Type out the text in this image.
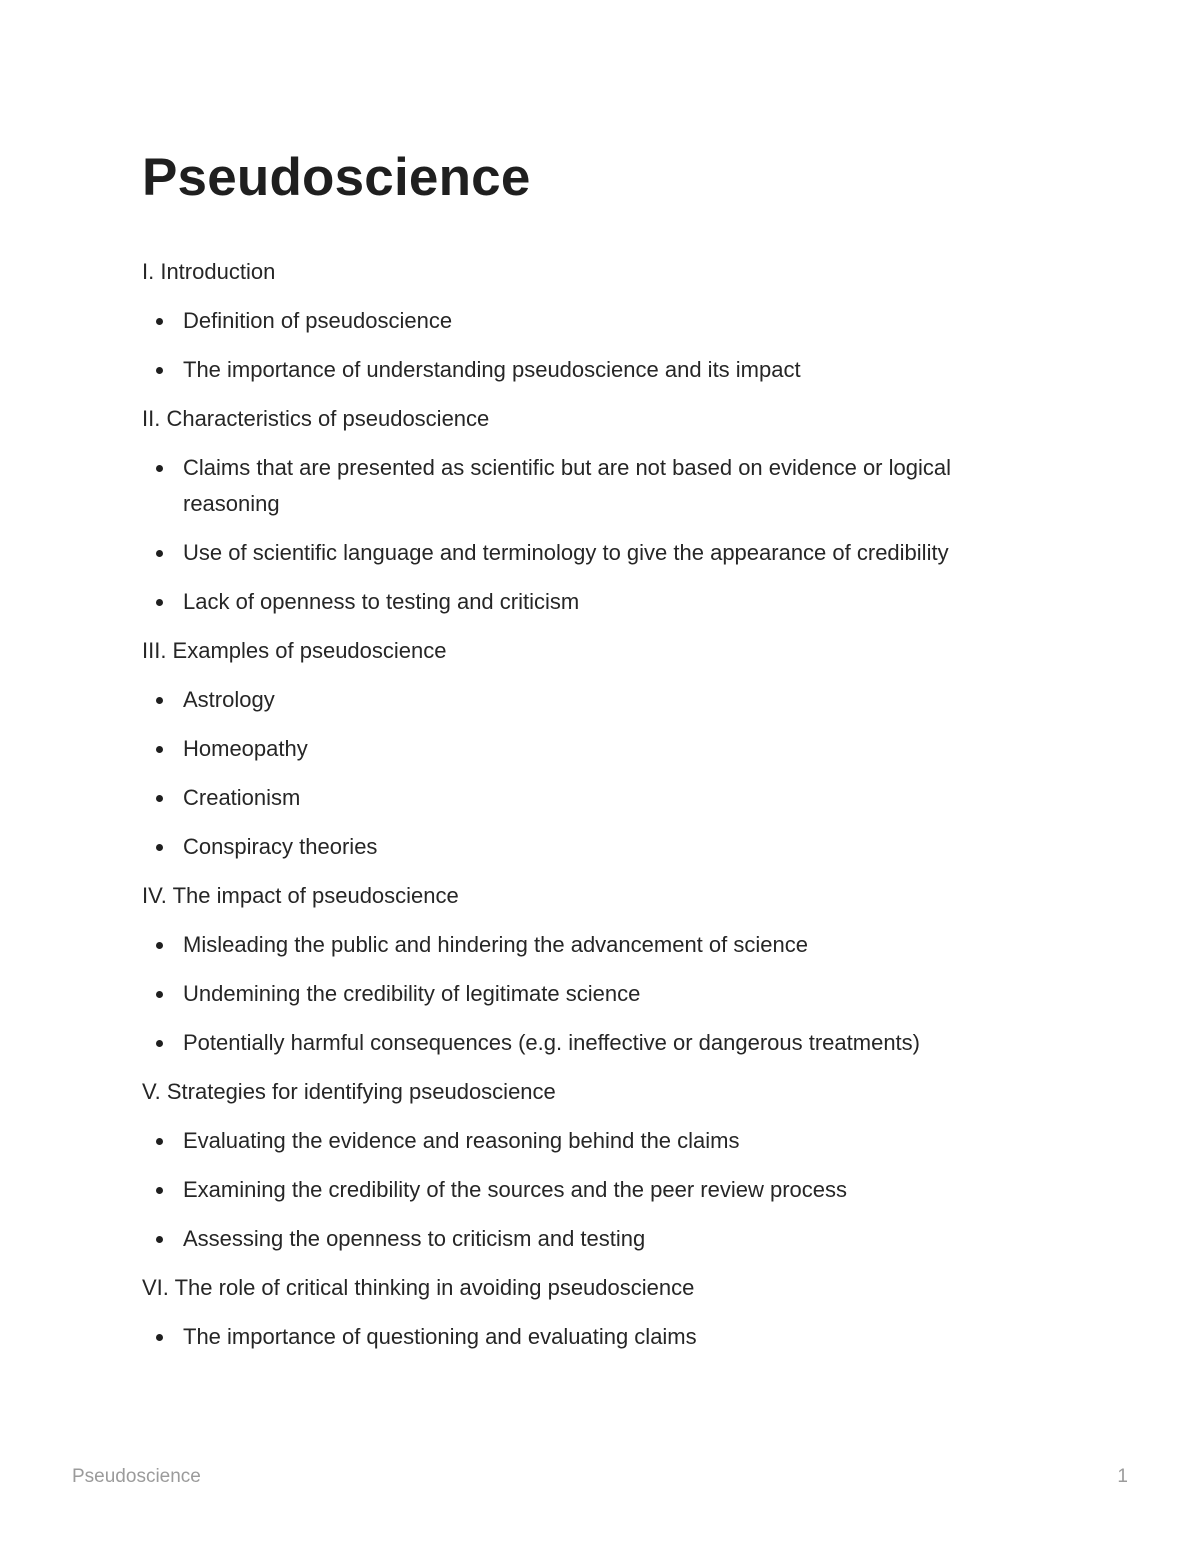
Pseudoscience

I. Introduction

Definition of pseudoscience
The importance of understanding pseudoscience and its impact

II. Characteristics of pseudoscience

Claims that are presented as scientific but are not based on evidence or logical reasoning
Use of scientific language and terminology to give the appearance of credibility
Lack of openness to testing and criticism

III. Examples of pseudoscience

Astrology
Homeopathy
Creationism
Conspiracy theories

IV. The impact of pseudoscience

Misleading the public and hindering the advancement of science
Undemining the credibility of legitimate science
Potentially harmful consequences (e.g. ineffective or dangerous treatments)

V. Strategies for identifying pseudoscience

Evaluating the evidence and reasoning behind the claims
Examining the credibility of the sources and the peer review process
Assessing the openness to criticism and testing

VI. The role of critical thinking in avoiding pseudoscience

The importance of questioning and evaluating claims
Pseudoscience	1
